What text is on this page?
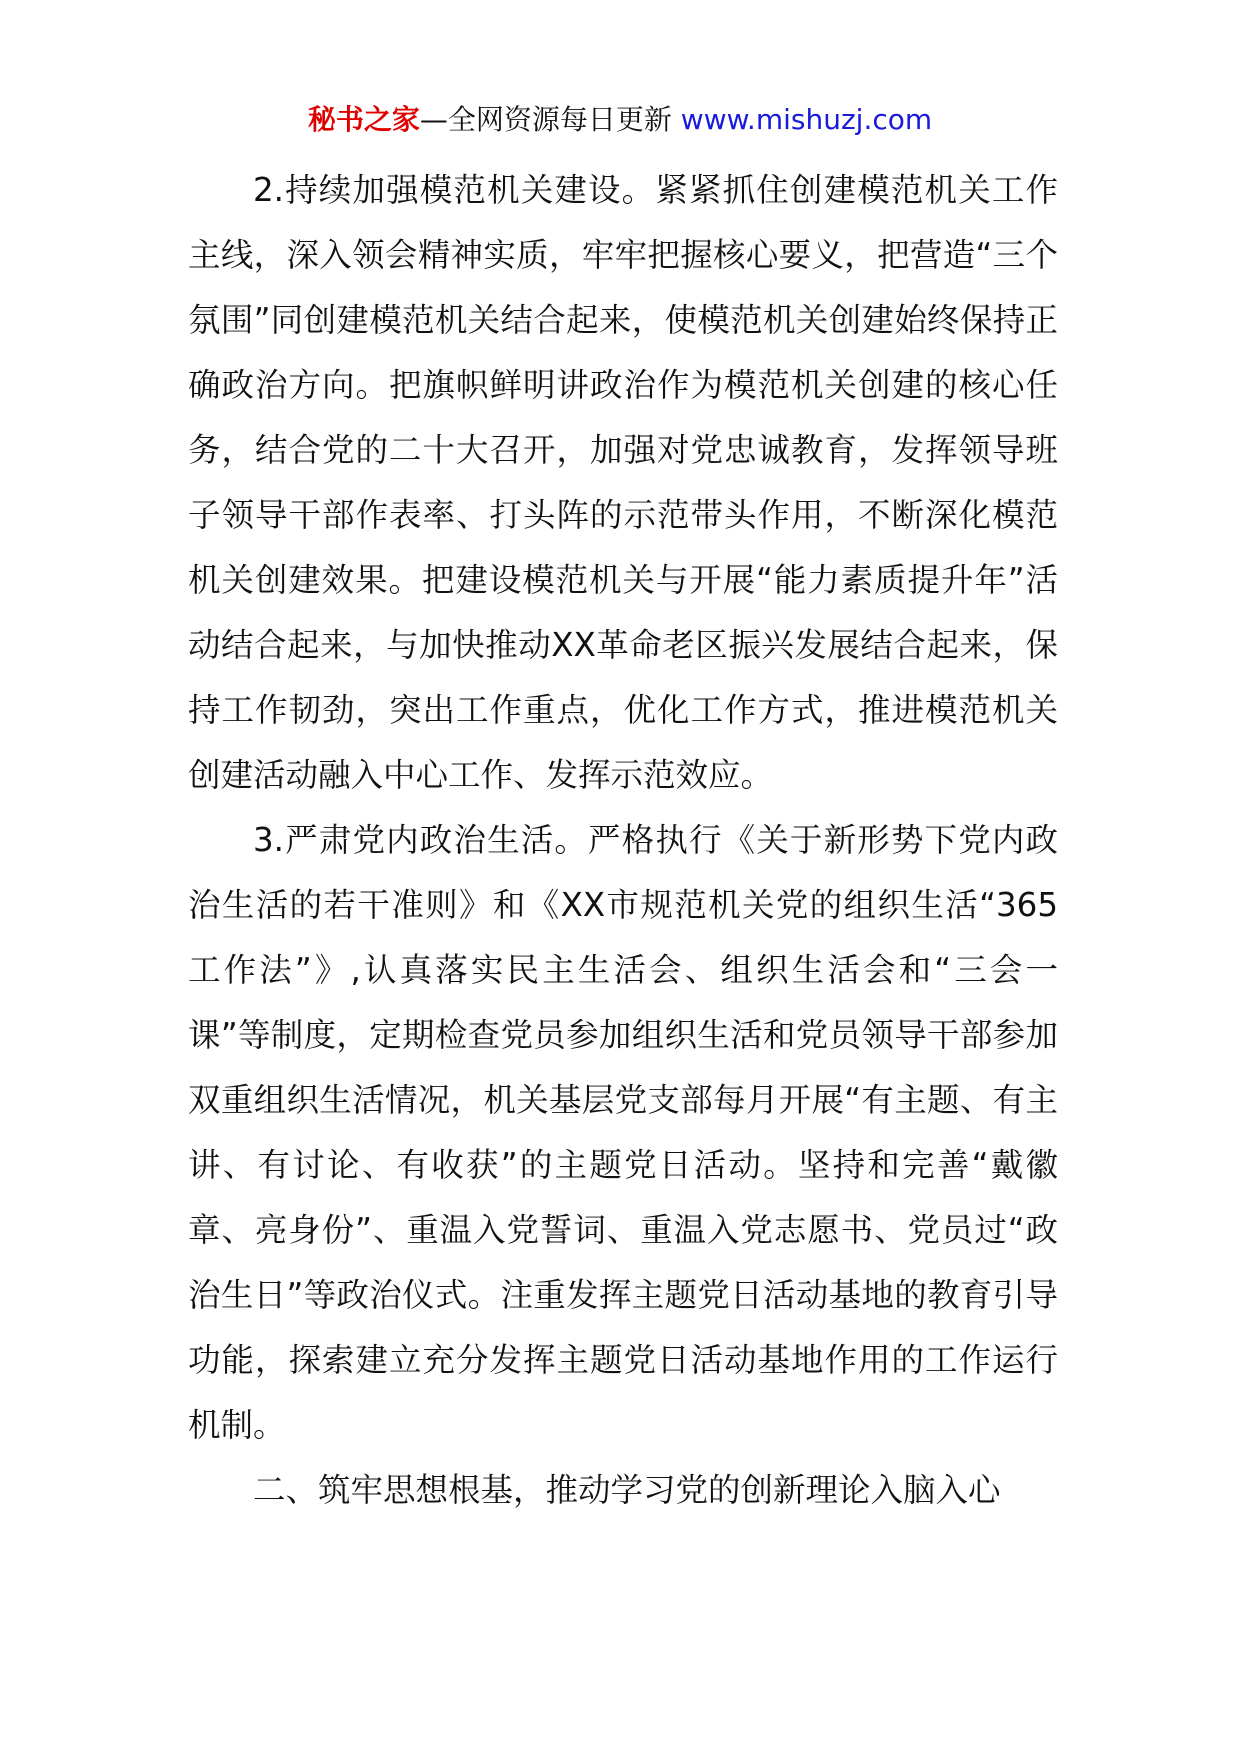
秘书之家—全网资源每日更新 www.mishuzj.com

2.持续加强模范机关建设。紧紧抓住创建模范机关工作主线，深入领会精神实质，牢牢把握核心要义，把营造“三个氛围”同创建模范机关结合起来，使模范机关创建始终保持正确政治方向。把旗帜鲜明讲政治作为模范机关创建的核心任务，结合党的二十大召开，加强对党忠诚教育，发挥领导班子领导干部作表率、打头阵的示范带头作用，不断深化模范机关创建效果。把建设模范机关与开展“能力素质提升年”活动结合起来，与加快推动XX革命老区振兴发展结合起来，保持工作韧劲，突出工作重点，优化工作方式，推进模范机关创建活动融入中心工作、发挥示范效应。

3.严肃党内政治生活。严格执行《关于新形势下党内政治生活的若干准则》和《XX市规范机关党的组织生活“365工作法”》,认真落实民主生活会、组织生活会和“三会一课”等制度，定期检查党员参加组织生活和党员领导干部参加双重组织生活情况，机关基层党支部每月开展“有主题、有主讲、有讨论、有收获”的主题党日活动。坚持和完善“戴徽章、亮身份”、重温入党誓词、重温入党志愿书、党员过“政治生日”等政治仪式。注重发挥主题党日活动基地的教育引导功能，探索建立充分发挥主题党日活动基地作用的工作运行机制。

二、筑牢思想根基，推动学习党的创新理论入脑入心
